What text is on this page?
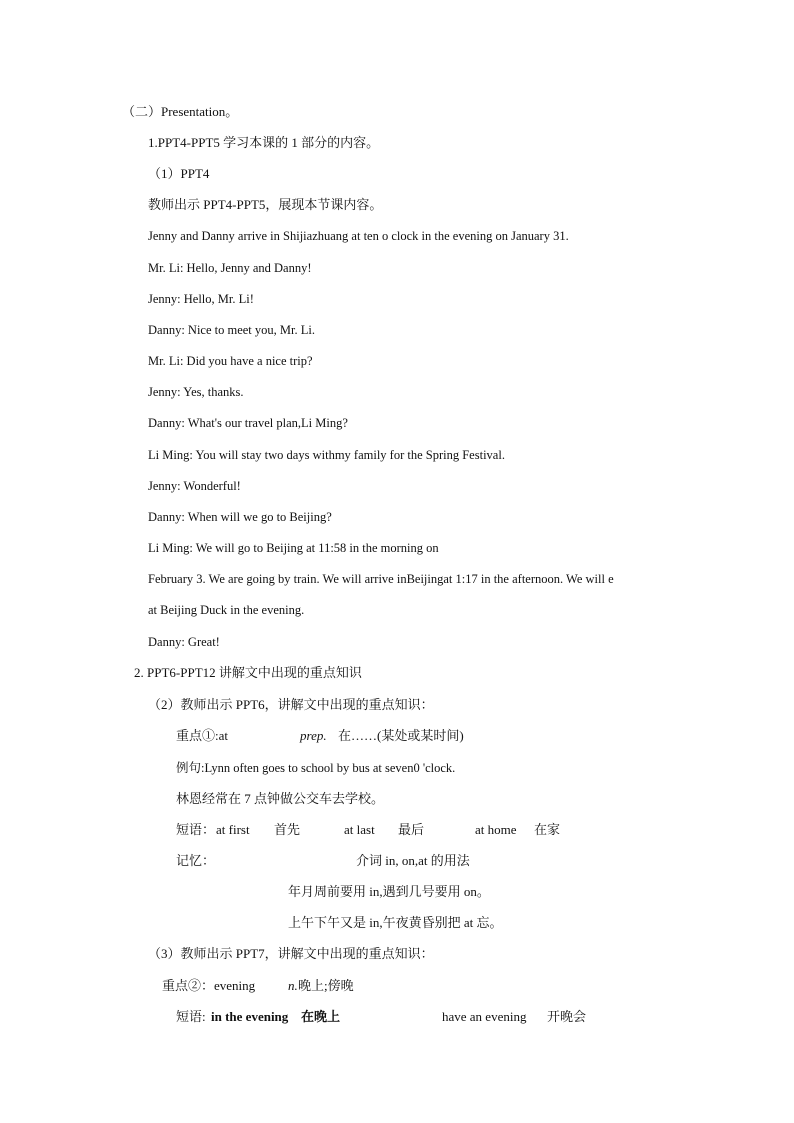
（二）Presentation。
1.PPT4-PPT5 学习本课的 1 部分的内容。
（1）PPT4
教师出示 PPT4-PPT5，展现本节课内容。
Jenny and Danny arrive in Shijiazhuang at ten o clock in the evening on January 31.
Mr. Li: Hello, Jenny and Danny!
Jenny: Hello, Mr. Li!
Danny: Nice to meet you, Mr. Li.
Mr. Li: Did you have a nice trip?
Jenny: Yes, thanks.
Danny: What's our travel plan,Li Ming?
Li Ming: You will stay two days withmy family for the Spring Festival.
Jenny: Wonderful!
Danny: When will we go to Beijing?
Li Ming: We will go to Beijing at 11:58 in the morning on
February 3. We are going by train. We will arrive inBeijingat 1:17 in the afternoon. We will e
at Beijing Duck in the evening.
Danny: Great!
2. PPT6-PPT12 讲解文中出现的重点知识
（2）教师出示 PPT6，讲解文中出现的重点知识：
重点①:at	prep. 在……(某处或某时间)
例句:Lynn often goes to school by bus at seven0 'clock.
林恩经常在 7 点钟做公交车去学校。
短语： at first 首先	at last 最后	at home 在家
记忆：	介词 in, on,at 的用法
年月周前要用 in,遇到几号要用 on。
上午下午又是 in,午夜黄昏别把 at 忘。
（3）教师出示 PPT7，讲解文中出现的重点知识：
重点②：evening	n. 晚上;傍晚
短语: in the evening 在晚上	have an evening 开晚会
